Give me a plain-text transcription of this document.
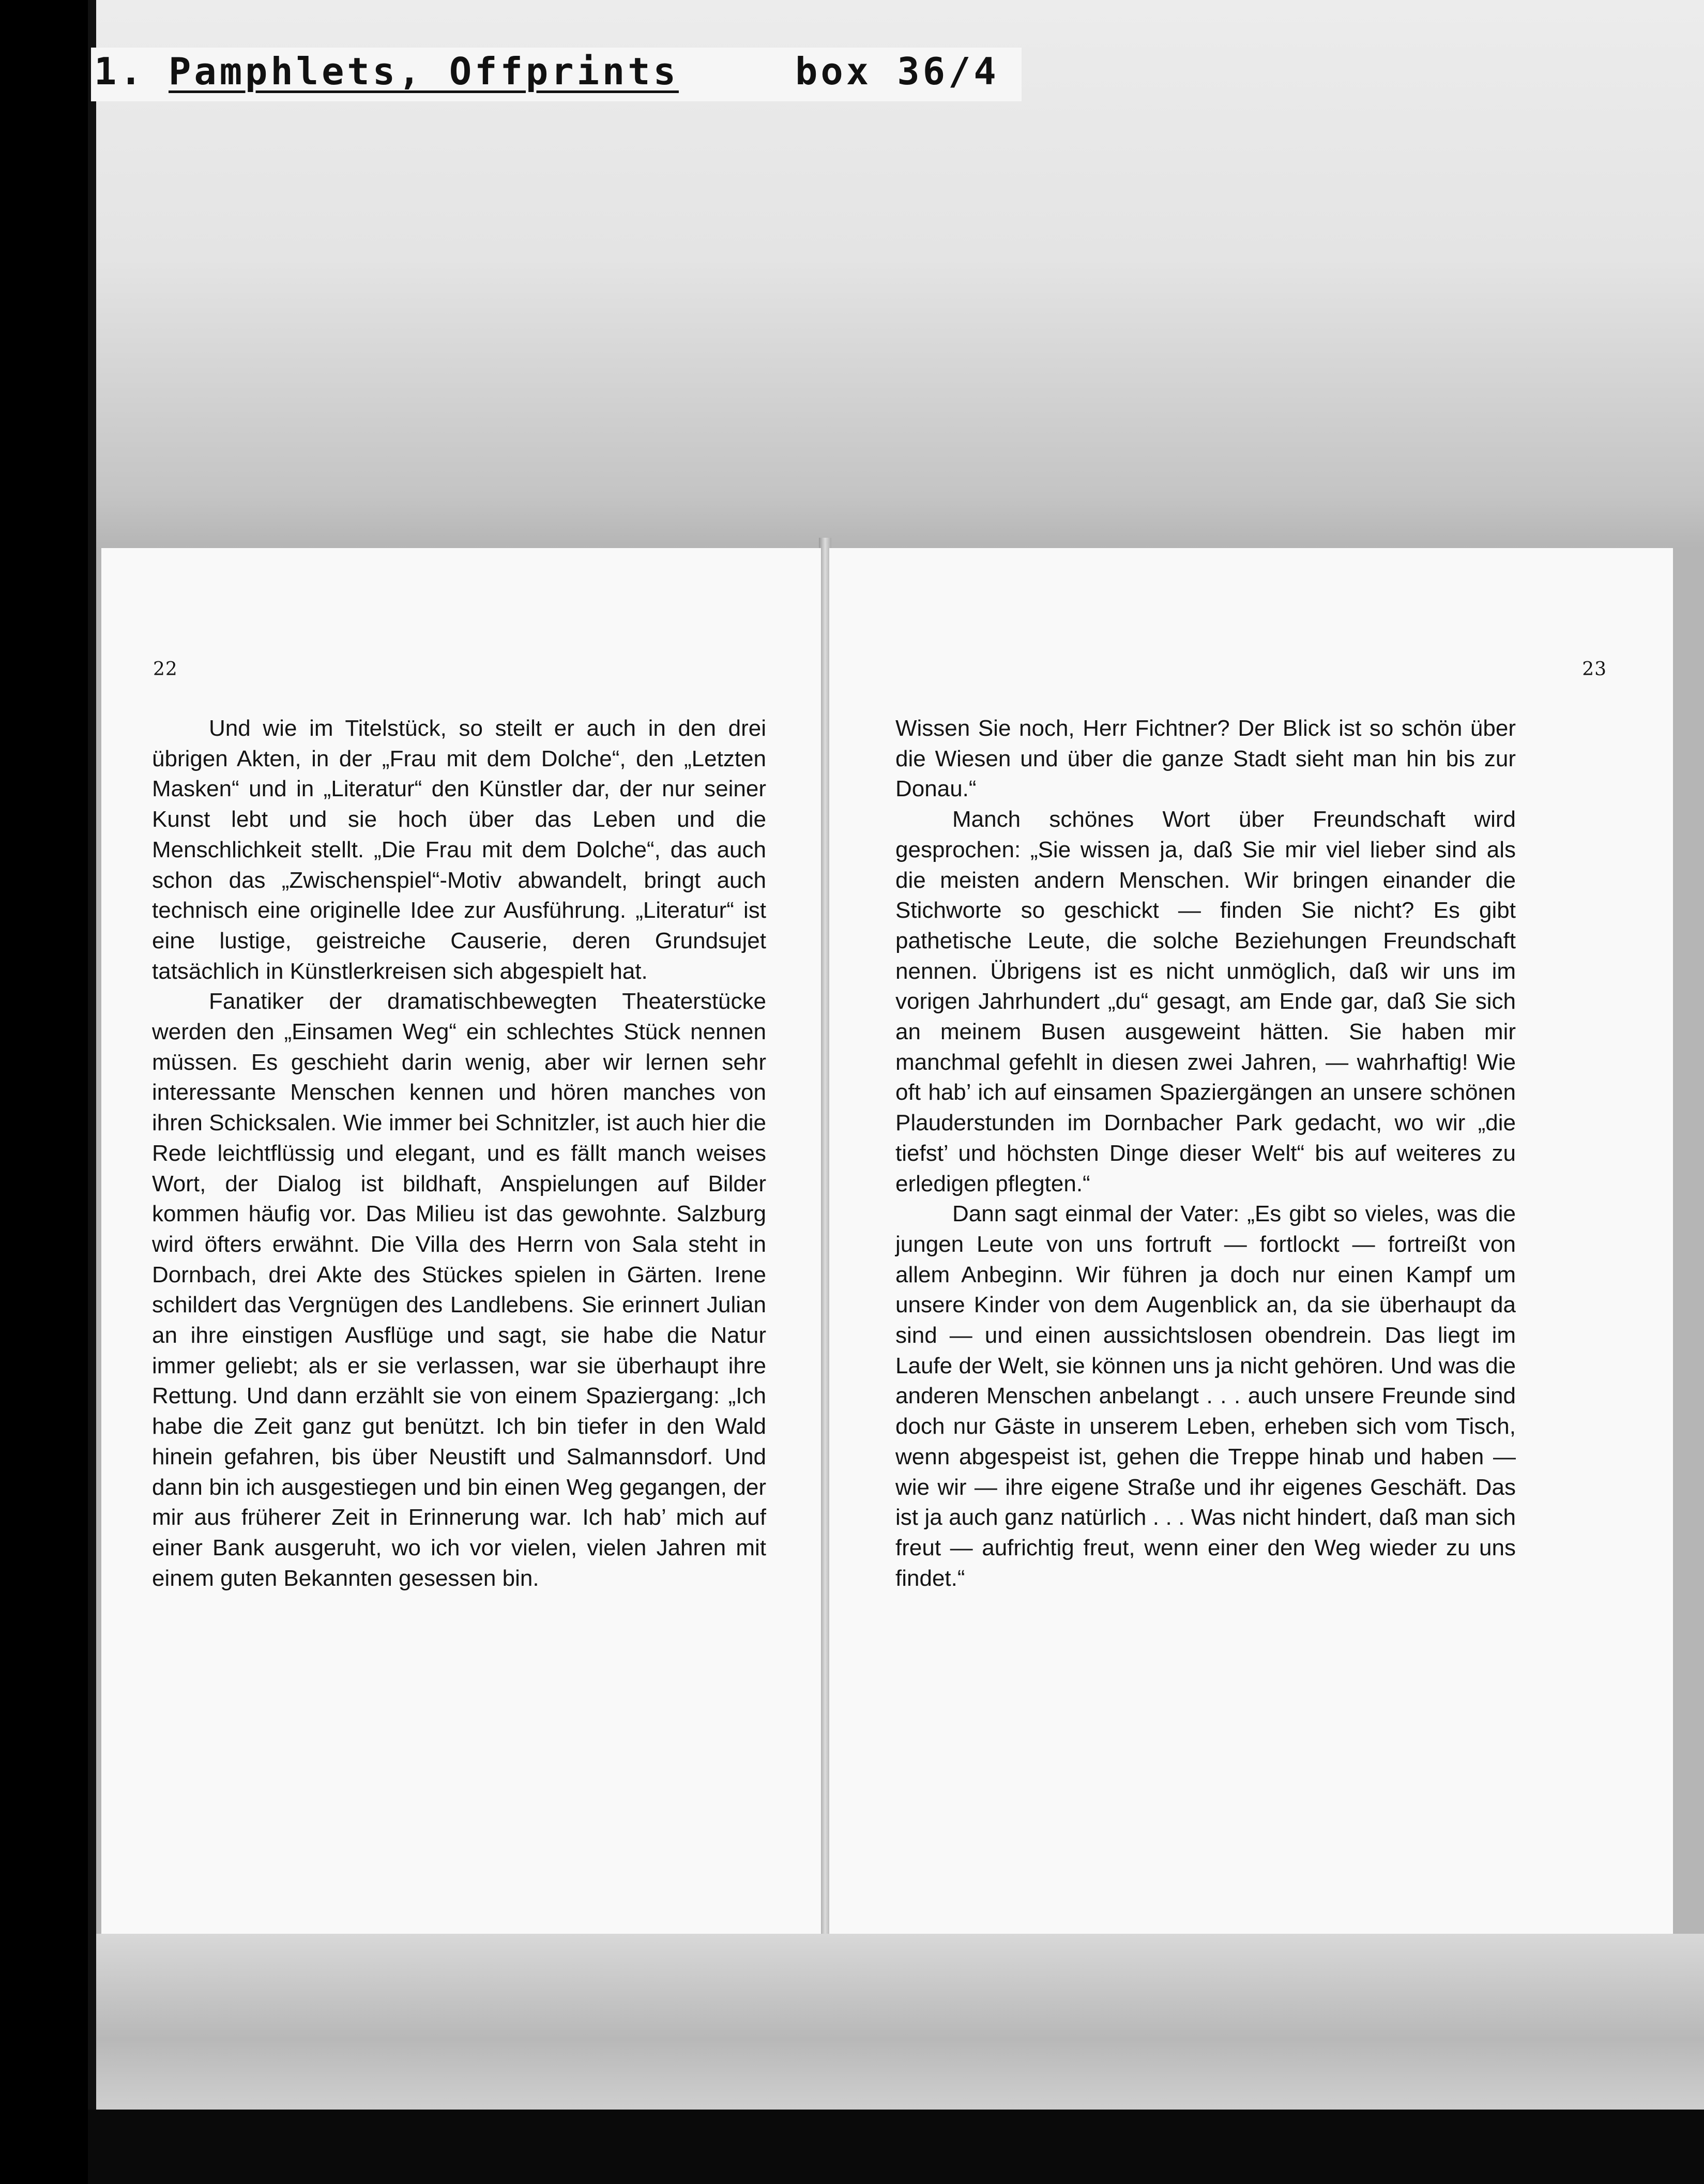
1. Pamphlets, Offprints	box 36/4
22

Und wie im Titelstück, so steilt er auch in den drei übrigen Akten, in der „Frau mit dem Dolche“, den „Letzten Masken“ und in „Literatur“ den Künstler dar, der nur seiner Kunst lebt und sie hoch über das Leben und die Menschlichkeit stellt. „Die Frau mit dem Dolche“, das auch schon das „Zwischenspiel“-Motiv abwandelt, bringt auch technisch eine originelle Idee zur Ausführung. „Literatur“ ist eine lustige, geistreiche Causerie, deren Grundsujet tatsächlich in Künstlerkreisen sich abgespielt hat.

Fanatiker der dramatischbewegten Theaterstücke werden den „Einsamen Weg“ ein schlechtes Stück nennen müssen. Es geschieht darin wenig, aber wir lernen sehr interessante Menschen kennen und hören manches von ihren Schicksalen. Wie immer bei Schnitzler, ist auch hier die Rede leichtflüssig und elegant, und es fällt manch weises Wort, der Dialog ist bildhaft, Anspielungen auf Bilder kommen häufig vor. Das Milieu ist das gewohnte. Salzburg wird öfters erwähnt. Die Villa des Herrn von Sala steht in Dornbach, drei Akte des Stückes spielen in Gärten. Irene schildert das Vergnügen des Landlebens. Sie erinnert Julian an ihre einstigen Ausflüge und sagt, sie habe die Natur immer geliebt; als er sie verlassen, war sie überhaupt ihre Rettung. Und dann erzählt sie von einem Spaziergang: „Ich habe die Zeit ganz gut benützt. Ich bin tiefer in den Wald hinein gefahren, bis über Neustift und Salmannsdorf. Und dann bin ich ausgestiegen und bin einen Weg gegangen, der mir aus früherer Zeit in Erinnerung war. Ich hab’ mich auf einer Bank ausgeruht, wo ich vor vielen, vielen Jahren mit einem guten Bekannten gesessen bin.

23

Wissen Sie noch, Herr Fichtner? Der Blick ist so schön über die Wiesen und über die ganze Stadt sieht man hin bis zur Donau.“

Manch schönes Wort über Freundschaft wird gesprochen: „Sie wissen ja, daß Sie mir viel lieber sind als die meisten andern Menschen. Wir bringen einander die Stichworte so geschickt — finden Sie nicht? Es gibt pathetische Leute, die solche Beziehungen Freundschaft nennen. Übrigens ist es nicht unmöglich, daß wir uns im vorigen Jahrhundert „du“ gesagt, am Ende gar, daß Sie sich an meinem Busen ausgeweint hätten. Sie haben mir manchmal gefehlt in diesen zwei Jahren, — wahrhaftig! Wie oft hab’ ich auf einsamen Spaziergängen an unsere schönen Plauderstunden im Dornbacher Park gedacht, wo wir „die tiefst’ und höchsten Dinge dieser Welt“ bis auf weiteres zu erledigen pflegten.“

Dann sagt einmal der Vater: „Es gibt so vieles, was die jungen Leute von uns fortruft — fortlockt — fortreißt von allem Anbeginn. Wir führen ja doch nur einen Kampf um unsere Kinder von dem Augenblick an, da sie überhaupt da sind — und einen aussichtslosen obendrein. Das liegt im Laufe der Welt, sie können uns ja nicht gehören. Und was die anderen Menschen anbelangt . . . auch unsere Freunde sind doch nur Gäste in unserem Leben, erheben sich vom Tisch, wenn abgespeist ist, gehen die Treppe hinab und haben — wie wir — ihre eigene Straße und ihr eigenes Geschäft. Das ist ja auch ganz natürlich . . . Was nicht hindert, daß man sich freut — aufrichtig freut, wenn einer den Weg wieder zu uns findet.“
